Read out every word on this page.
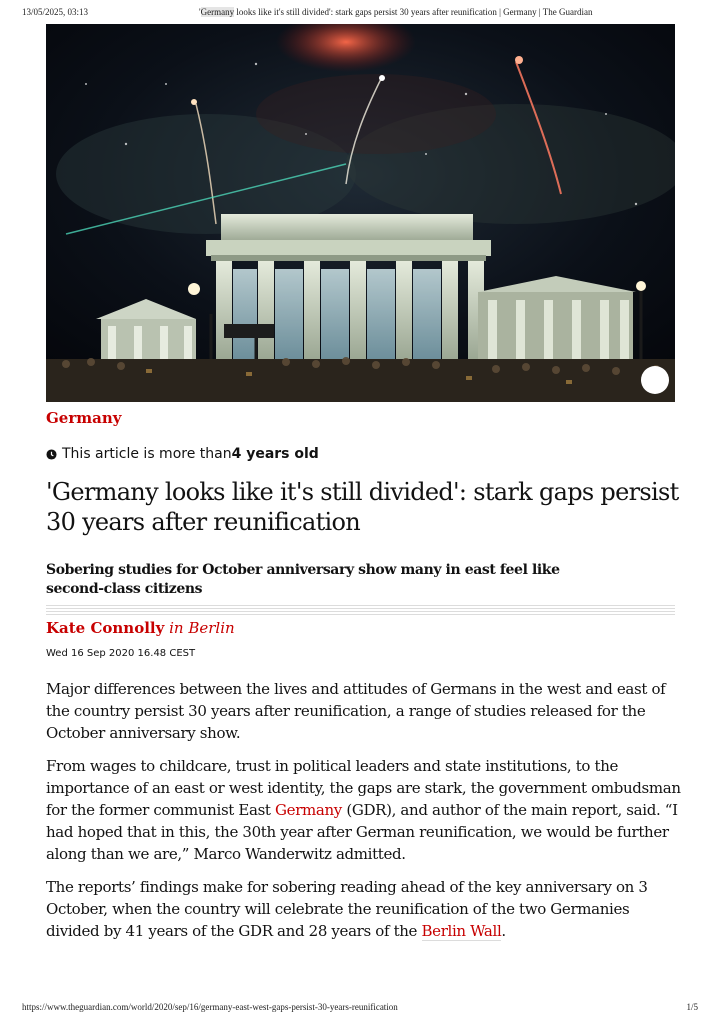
13/05/2025, 03:13	'Germany looks like it's still divided': stark gaps persist 30 years after reunification | Germany | The Guardian
Germany
This article is more than 4 years old
'Germany looks like it's still divided': stark gaps persist 30 years after reunification

Sobering studies for October anniversary show many in east feel like second-class citizens

Kate Connolly in Berlin
Wed 16 Sep 2020 16.48 CEST

Major differences between the lives and attitudes of Germans in the west and east of the country persist 30 years after reunification, a range of studies released for the October anniversary show.

From wages to childcare, trust in political leaders and state institutions, to the importance of an east or west identity, the gaps are stark, the government ombudsman for the former communist East Germany (GDR), and author of the main report, said. “I had hoped that in this, the 30th year after German reunification, we would be further along than we are,” Marco Wanderwitz admitted.

The reports’ findings make for sobering reading ahead of the key anniversary on 3 October, when the country will celebrate the reunification of the two Germanies divided by 41 years of the GDR and 28 years of the Berlin Wall.

https://www.theguardian.com/world/2020/sep/16/germany-east-west-gaps-persist-30-years-reunification	1/5
